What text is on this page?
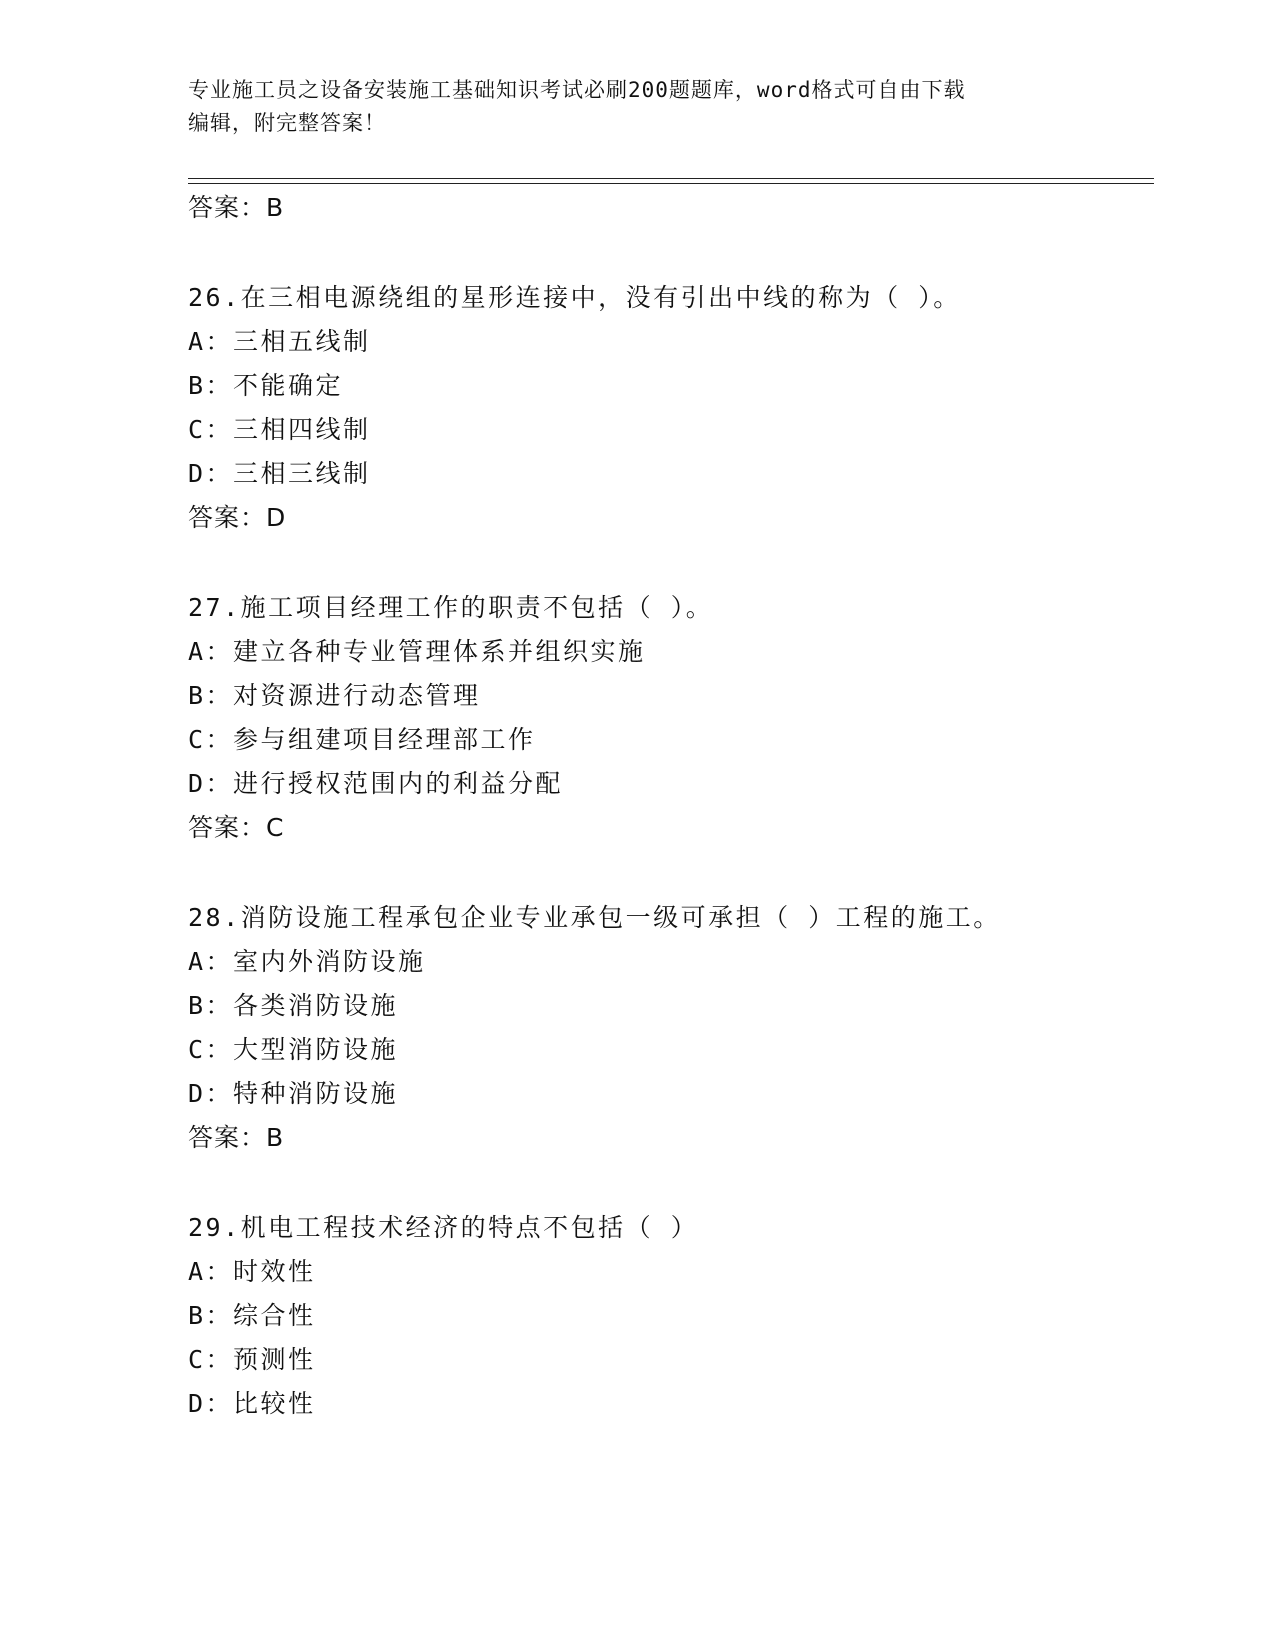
专业施工员之设备安装施工基础知识考试必刷200题题库，word格式可自由下载
编辑，附完整答案！
答案：B
26.在三相电源绕组的星形连接中，没有引出中线的称为（ ）。
A：三相五线制
B：不能确定
C：三相四线制
D：三相三线制
答案：D
27.施工项目经理工作的职责不包括（ ）。
A：建立各种专业管理体系并组织实施
B：对资源进行动态管理
C：参与组建项目经理部工作
D：进行授权范围内的利益分配
答案：C
28.消防设施工程承包企业专业承包一级可承担（ ）工程的施工。
A：室内外消防设施
B：各类消防设施
C：大型消防设施
D：特种消防设施
答案：B
29.机电工程技术经济的特点不包括（ ）
A：时效性
B：综合性
C：预测性
D：比较性
